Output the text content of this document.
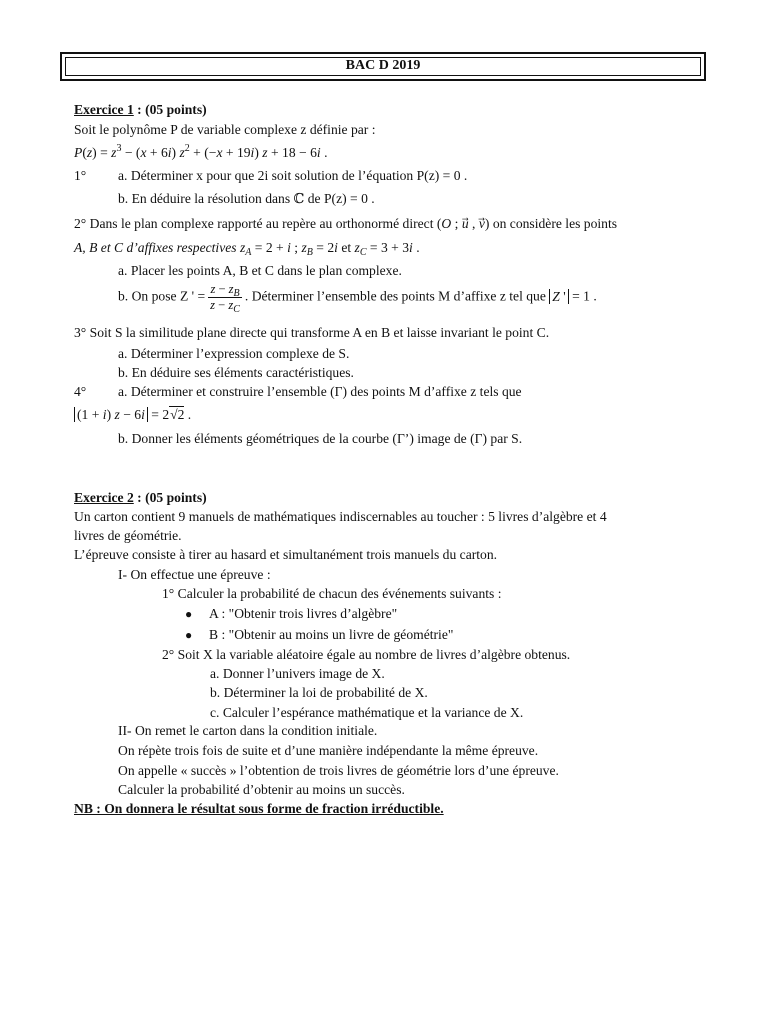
BAC D 2019
Exercice 1 : (05 points)
Soit le polynôme P de variable complexe z définie par :
$P(z) = z^3 - (x + 6i) z^2 + (-x + 19i) z + 18 - 6i$ .
1° a. Déterminer x pour que 2i soit solution de l’équation P(z) = 0 .
b. En déduire la résolution dans ℂ de P(z) = 0 .
2° Dans le plan complexe rapporté au repère au orthonormé direct (O ; u⃗ , v⃗) on considère les points
A, B et C d’affixes respectives $z_A = 2 + i$ ; $z_B = 2i$ et $z_C = 3 + 3i$ .
a. Placer les points A, B et C dans le plan complexe.
b. On pose Z ' = $\frac{z - z_B}{z - z_C}$ . Déterminer l’ensemble des points M d’affixe z tel que Z ' = 1 .
3° Soit S la similitude plane directe qui transforme A en B et laisse invariant le point C.
a. Déterminer l’expression complexe de S.
b. En déduire ses éléments caractéristiques.
4° a. Déterminer et construire l’ensemble (Γ) des points M d’affixe z tels que
(1 + i) z − 6i = 2√2 .
b. Donner les éléments géométriques de la courbe (Γ’) image de (Γ) par S.
Exercice 2 : (05 points)
Un carton contient 9 manuels de mathématiques indiscernables au toucher : 5 livres d’algèbre et 4
livres de géométrie.
L’épreuve consiste à tirer au hasard et simultanément trois manuels du carton.
I- On effectue une épreuve :
1° Calculer la probabilité de chacun des événements suivants :
● A : "Obtenir trois livres d’algèbre"
● B : "Obtenir au moins un livre de géométrie"
2° Soit X la variable aléatoire égale au nombre de livres d’algèbre obtenus.
a. Donner l’univers image de X.
b. Déterminer la loi de probabilité de X.
c. Calculer l’espérance mathématique et la variance de X.
II- On remet le carton dans la condition initiale.
On répète trois fois de suite et d’une manière indépendante la même épreuve.
On appelle « succès » l’obtention de trois livres de géométrie lors d’une épreuve.
Calculer la probabilité d’obtenir au moins un succès.
NB : On donnera le résultat sous forme de fraction irréductible.
